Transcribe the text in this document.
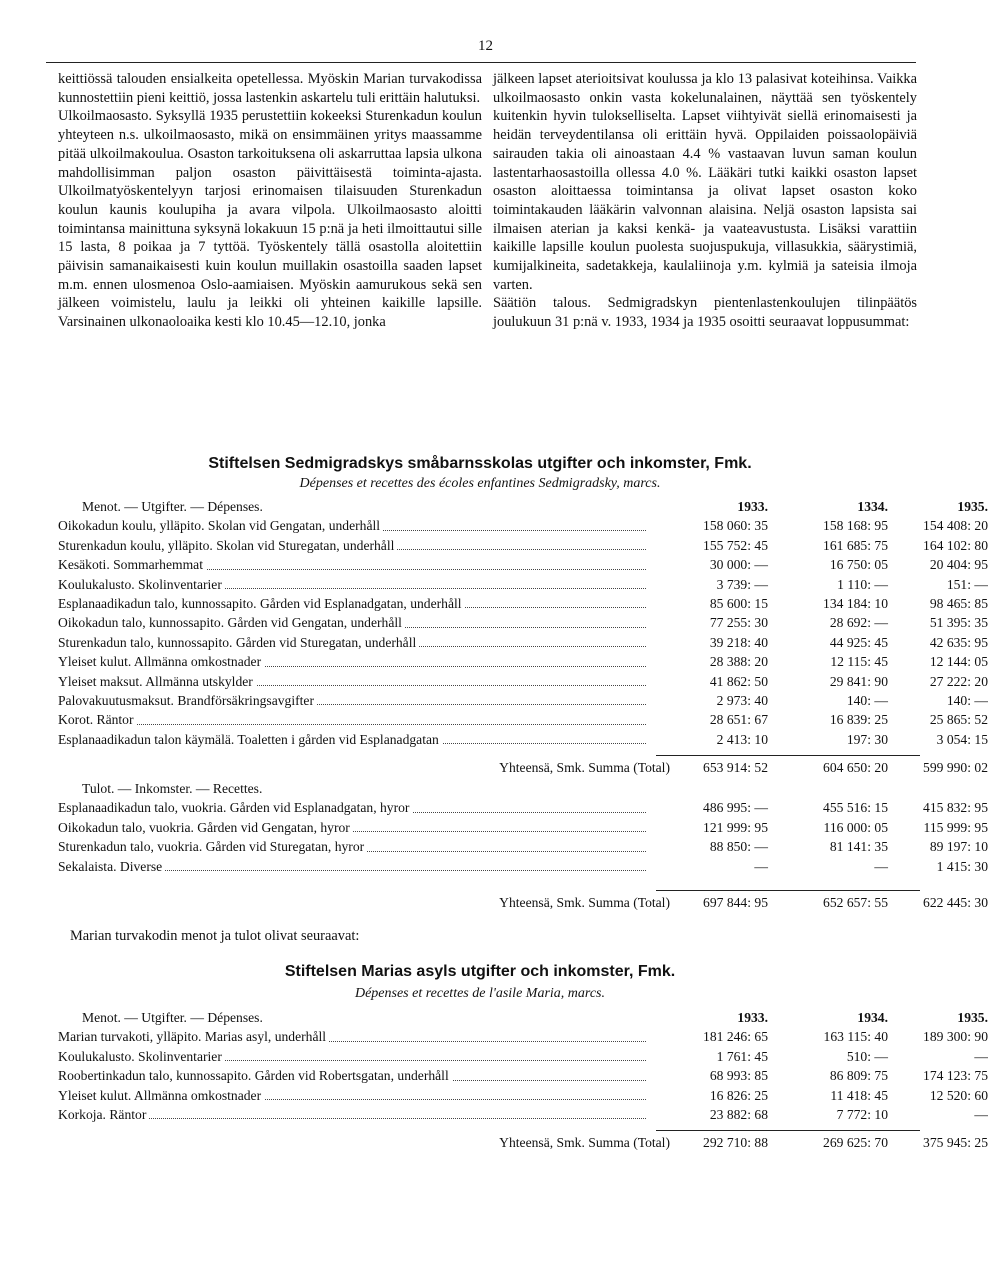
12

keittiössä talouden ensialkeita opetellessa. Myöskin Marian turvakodissa kunnostettiin pieni keittiö, jossa lastenkin askartelu tuli erittäin halutuksi.

Ulkoilmaosasto. Syksyllä 1935 perustettiin kokeeksi Sturenkadun koulun yhteyteen n.s. ulkoilmaosasto, mikä on ensimmäinen yritys maassamme pitää ulkoilmakoulua. Osaston tarkoituksena oli askarruttaa lapsia ulkona mahdollisimman paljon osaston päivittäisestä toiminta-ajasta. Ulkoilmatyöskentelyyn tarjosi erinomaisen tilaisuuden Sturenkadun koulun kaunis koulupiha ja avara vilpola. Ulkoilmaosasto aloitti toimintansa mainittuna syksynä lokakuun 15 p:nä ja heti ilmoittautui sille 15 lasta, 8 poikaa ja 7 tyttöä. Työskentely tällä osastolla aloitettiin päivisin samanaikaisesti kuin koulun muillakin osastoilla saaden lapset m.m. ennen ulosmenoa Oslo-aamiaisen. Myöskin aamurukous sekä sen jälkeen voimistelu, laulu ja leikki oli yhteinen kaikille lapsille. Varsinainen ulkonaoloaika kesti klo 10.45—12.10, jonka

jälkeen lapset aterioitsivat koulussa ja klo 13 palasivat koteihinsa. Vaikka ulkoilmaosasto onkin vasta kokelunalainen, näyttää sen työskentely kuitenkin hyvin tulokselliselta. Lapset viihtyivät siellä erinomaisesti ja heidän terveydentilansa oli erittäin hyvä. Oppilaiden poissaolopäiviä sairauden takia oli ainoastaan 4.4 % vastaavan luvun saman koulun lastentarhaosastoilla ollessa 4.0 %. Lääkäri tutki kaikki osaston lapset osaston aloittaessa toimintansa ja olivat lapset osaston koko toimintakauden lääkärin valvonnan alaisina. Neljä osaston lapsista sai ilmaisen aterian ja kaksi kenkä- ja vaateavustusta. Lisäksi varattiin kaikille lapsille koulun puolesta suojuspukuja, villasukkia, säärystimiä, kumijalkineita, sadetakkeja, kaulaliinoja y.m. kylmiä ja sateisia ilmoja varten.

Säätiön talous. Sedmigradskyn pientenlastenkoulujen tilinpäätös joulukuun 31 p:nä v. 1933, 1934 ja 1935 osoitti seuraavat loppusummat:

Stiftelsen Sedmigradskys småbarnsskolas utgifter och inkomster, Fmk.
Dépenses et recettes des écoles enfantines Sedmigradsky, marcs.
Menot. — Utgifter. — Dépenses.	1933.	1334.	1935.
Oikokadun koulu, ylläpito. Skolan vid Gengatan, underhåll	158 060: 35	158 168: 95	154 408: 20
Sturenkadun koulu, ylläpito. Skolan vid Sturegatan, underhåll	155 752: 45	161 685: 75	164 102: 80
Kesäkoti. Sommarhemmat	30 000: —	16 750: 05	20 404: 95
Koulukalusto. Skolinventarier	3 739: —	1 110: —	151: —
Esplanaadikadun talo, kunnossapito. Gården vid Esplanadgatan, underhåll	85 600: 15	134 184: 10	98 465: 85
Oikokadun talo, kunnossapito. Gården vid Gengatan, underhåll	77 255: 30	28 692: —	51 395: 35
Sturenkadun talo, kunnossapito. Gården vid Sturegatan, underhåll	39 218: 40	44 925: 45	42 635: 95
Yleiset kulut. Allmänna omkostnader	28 388: 20	12 115: 45	12 144: 05
Yleiset maksut. Allmänna utskylder	41 862: 50	29 841: 90	27 222: 20
Palovakuutusmaksut. Brandförsäkringsavgifter	2 973: 40	140: —	140: —
Korot. Räntor	28 651: 67	16 839: 25	25 865: 52
Esplanaadikadun talon käymälä. Toaletten i gården vid Esplanadgatan	2 413: 10	197: 30	3 054: 15
Yhteensä, Smk. Summa (Total)	653 914: 52	604 650: 20	599 990: 02
Tulot. — Inkomster. — Recettes.
Esplanaadikadun talo, vuokria. Gården vid Esplanadgatan, hyror	486 995: —	455 516: 15	415 832: 95
Oikokadun talo, vuokria. Gården vid Gengatan, hyror	121 999: 95	116 000: 05	115 999: 95
Sturenkadun talo, vuokria. Gården vid Sturegatan, hyror	88 850: —	81 141: 35	89 197: 10
Sekalaista. Diverse	—	—	1 415: 30
Yhteensä, Smk. Summa (Total)	697 844: 95	652 657: 55	622 445: 30
Marian turvakodin menot ja tulot olivat seuraavat:
Stiftelsen Marias asyls utgifter och inkomster, Fmk.
Dépenses et recettes de l'asile Maria, marcs.
Menot. — Utgifter. — Dépenses.	1933.	1934.	1935.
Marian turvakoti, ylläpito. Marias asyl, underhåll	181 246: 65	163 115: 40	189 300: 90
Koulukalusto. Skolinventarier	1 761: 45	510: —	—
Roobertinkadun talo, kunnossapito. Gården vid Robertsgatan, underhåll	68 993: 85	86 809: 75	174 123: 75
Yleiset kulut. Allmänna omkostnader	16 826: 25	11 418: 45	12 520: 60
Korkoja. Räntor	23 882: 68	7 772: 10	—
Yhteensä, Smk. Summa (Total)	292 710: 88	269 625: 70	375 945: 25
